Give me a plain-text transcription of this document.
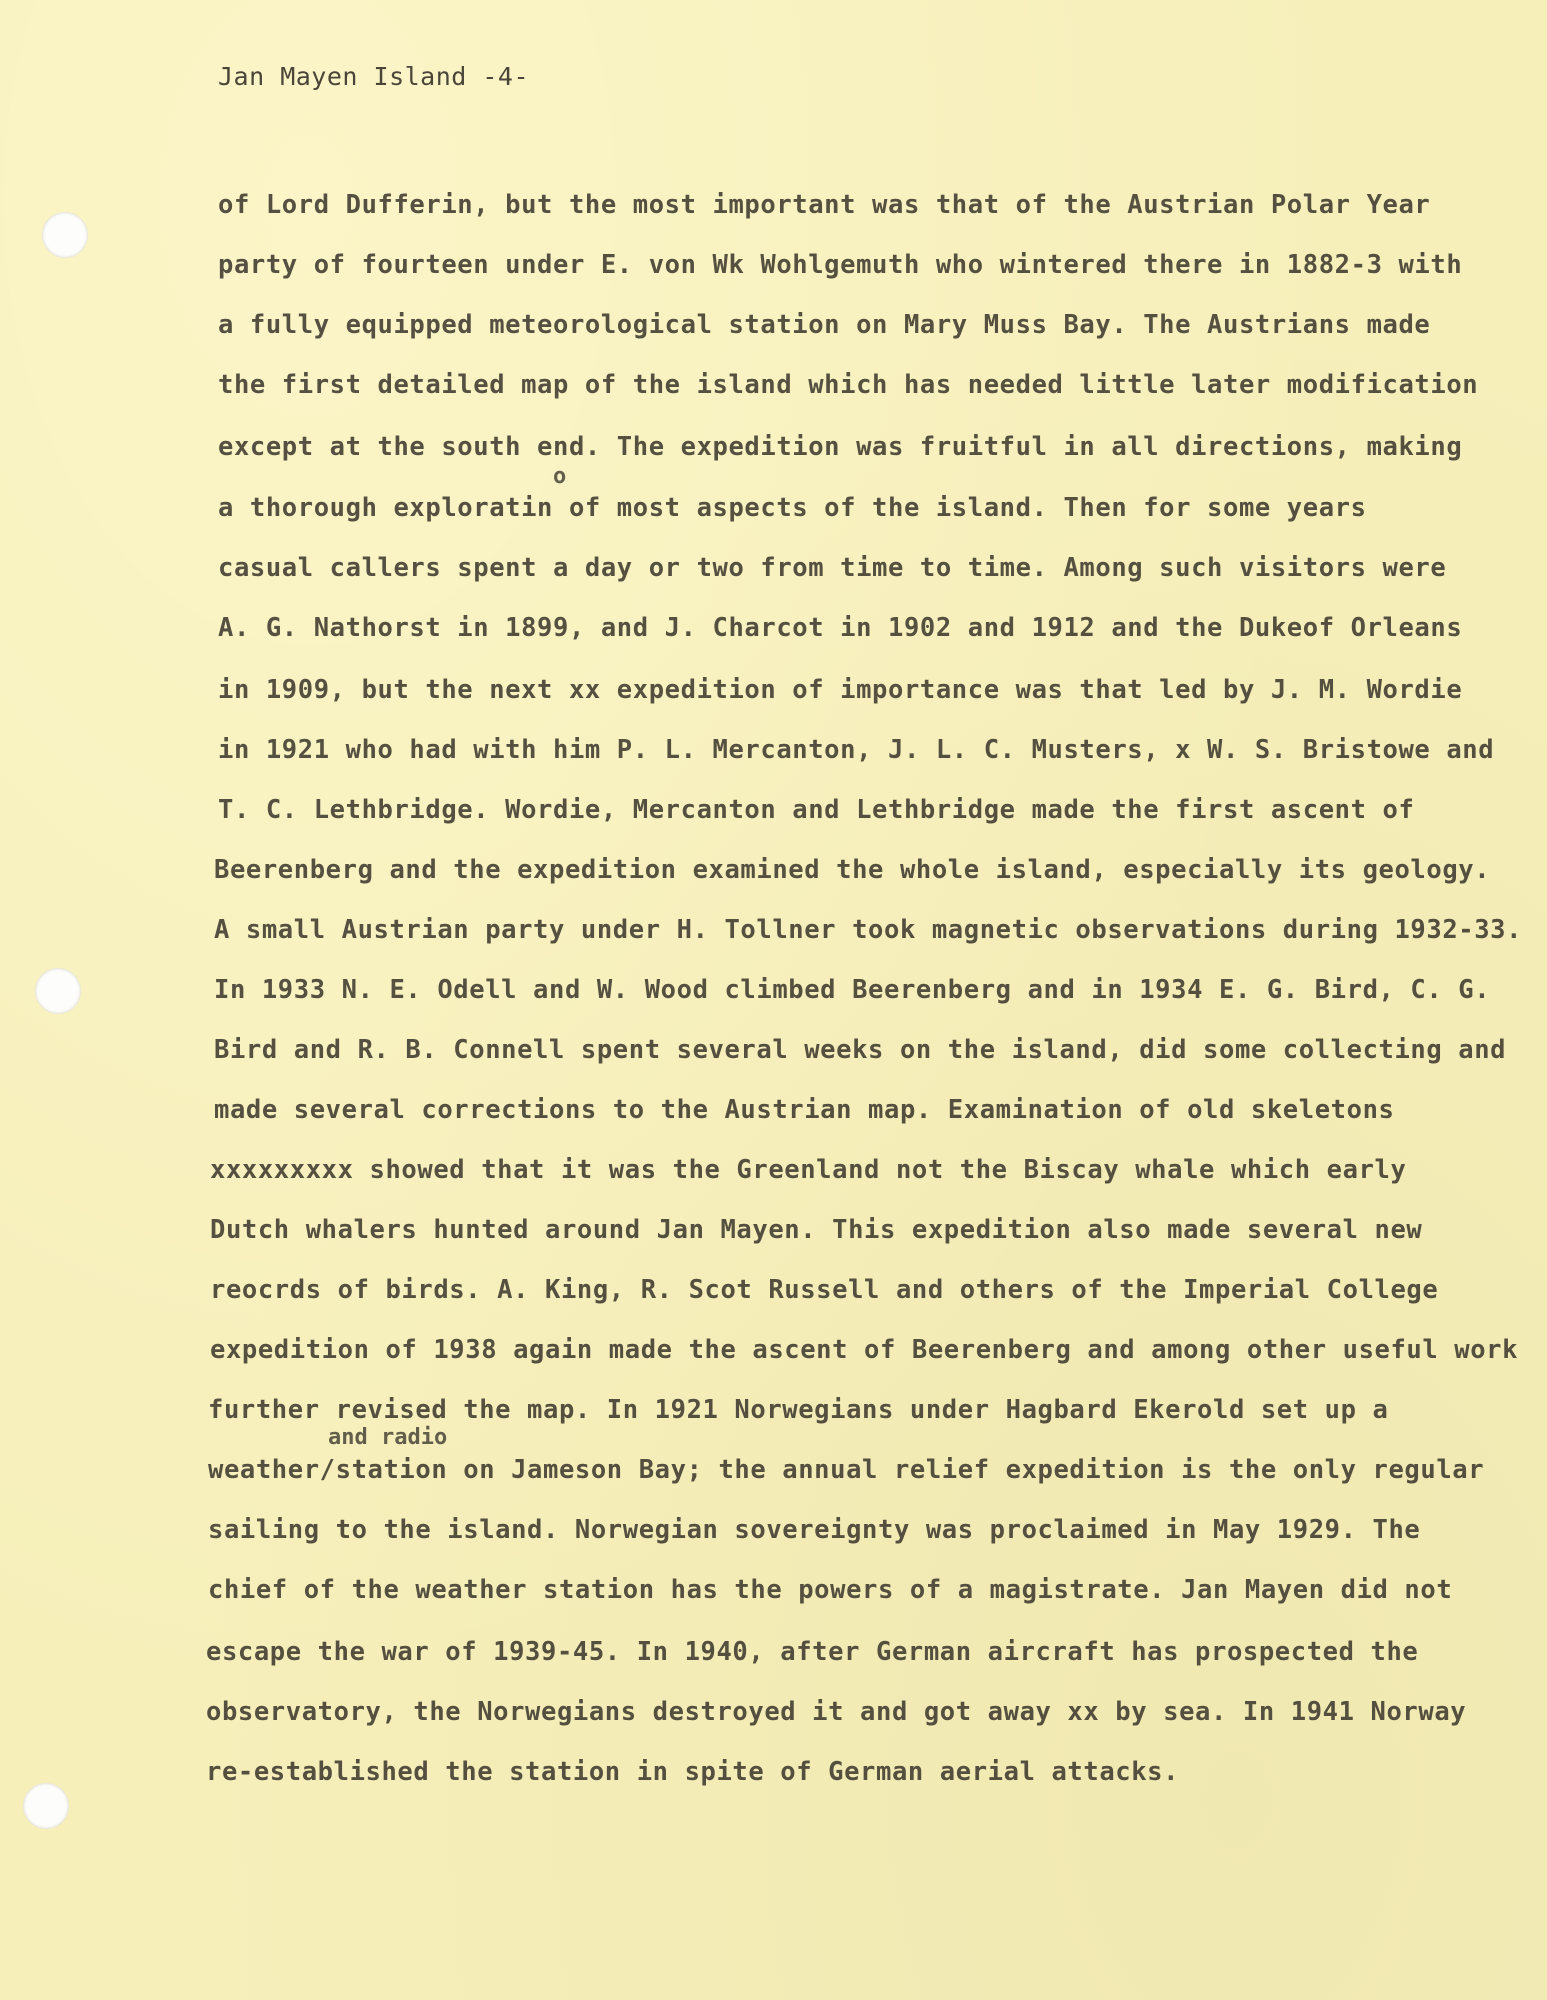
Jan Mayen Island -4-
of Lord Dufferin, but the most important was that of the Austrian Polar Year
party of fourteen under E. von Wk Wohlgemuth who wintered there in 1882-3 with
a fully equipped meteorological station on Mary Muss Bay. The Austrians made
the first detailed map of the island which has needed little later modification
except at the south end. The expedition was fruitful in all directions, making
o
a thorough exploratin of most aspects of the island. Then for some years
casual callers spent a day or two from time to time. Among such visitors were
A. G. Nathorst in 1899, and J. Charcot in 1902 and 1912 and the Dukeof Orleans
in 1909, but the next xx expedition of importance was that led by J. M. Wordie
in 1921 who had with him P. L. Mercanton, J. L. C. Musters, x W. S. Bristowe and
T. C. Lethbridge. Wordie, Mercanton and Lethbridge made the first ascent of
Beerenberg and the expedition examined the whole island, especially its geology.
A small Austrian party under H. Tollner took magnetic observations during 1932-33.
In 1933 N. E. Odell and W. Wood climbed Beerenberg and in 1934 E. G. Bird, C. G.
Bird and R. B. Connell spent several weeks on the island, did some collecting and
made several corrections to the Austrian map. Examination of old skeletons
xxxxxxxxx showed that it was the Greenland not the Biscay whale which early
Dutch whalers hunted around Jan Mayen. This expedition also made several new
reocrds of birds. A. King, R. Scot Russell and others of the Imperial College
expedition of 1938 again made the ascent of Beerenberg and among other useful work
further revised the map. In 1921 Norwegians under Hagbard Ekerold set up a
and radio
weather/station on Jameson Bay; the annual relief expedition is the only regular
sailing to the island. Norwegian sovereignty was proclaimed in May 1929. The
chief of the weather station has the powers of a magistrate. Jan Mayen did not
escape the war of 1939-45. In 1940, after German aircraft has prospected the
observatory, the Norwegians destroyed it and got away xx by sea. In 1941 Norway
re-established the station in spite of German aerial attacks.
